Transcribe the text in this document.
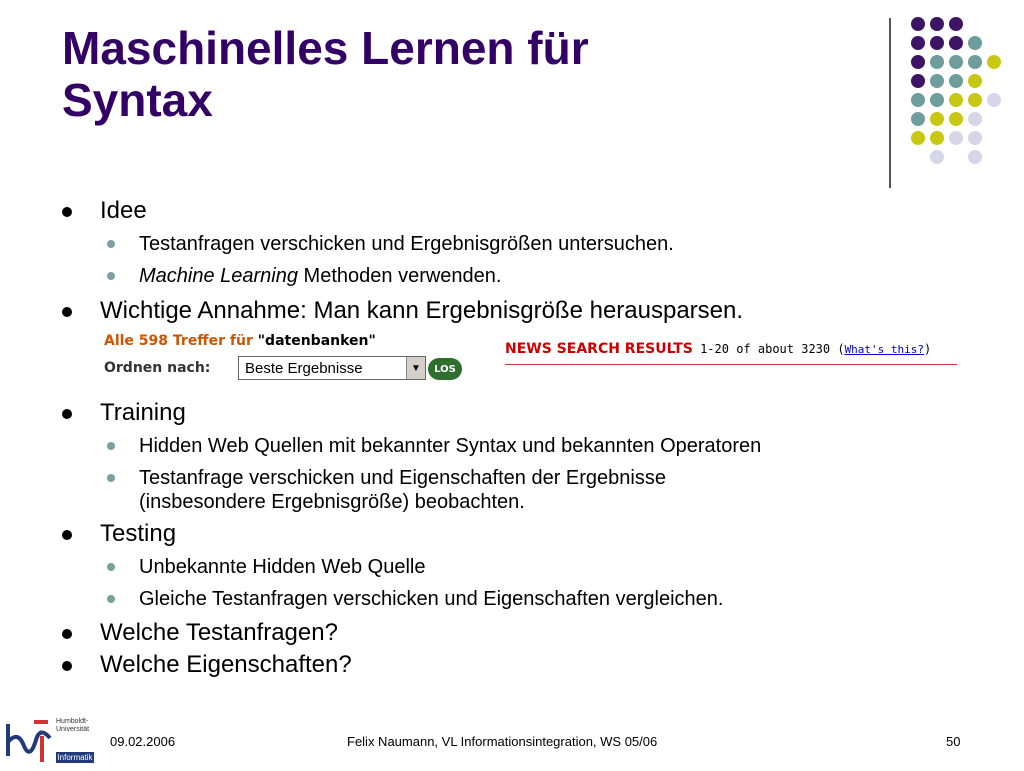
Maschinelles Lernen für
Syntax
Idee
Testanfragen verschicken und Ergebnisgrößen untersuchen.
Machine Learning Methoden verwenden.
Wichtige Annahme: Man kann Ergebnisgröße herausparsen.
Alle 598 Treffer für "datenbanken"
Ordnen nach: Beste Ergebnisse	▼	LOS
NEWS SEARCH RESULTS 1-20 of about 3230 (What's this?)
Training
Hidden Web Quellen mit bekannter Syntax und bekannten Operatoren
Testanfrage verschicken und Eigenschaften der Ergebnisse
(insbesondere Ergebnisgröße) beobachten.
Testing
Unbekannte Hidden Web Quelle
Gleiche Testanfragen verschicken und Eigenschaften vergleichen.
Welche Testanfragen?
Welche Eigenschaften?
Humboldt-Universität
Informatik
09.02.2006	Felix Naumann, VL Informationsintegration, WS 05/06	50
